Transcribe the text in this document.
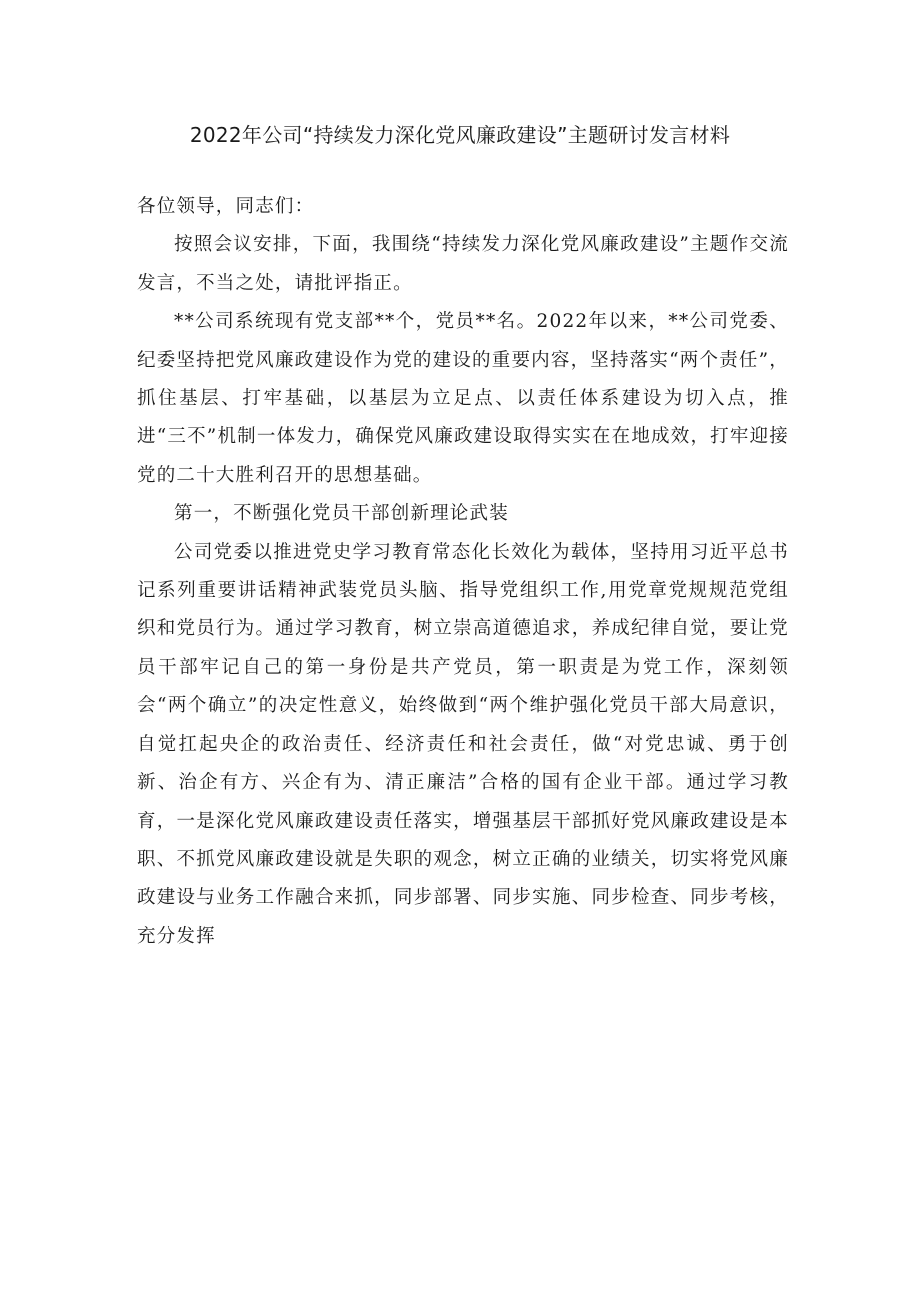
2022年公司“持续发力深化党风廉政建设”主题研讨发言材料

各位领导，同志们：

按照会议安排，下面，我围绕“持续发力深化党风廉政建设”主题作交流发言，不当之处，请批评指正。

**公司系统现有党支部**个，党员**名。2022年以来，**公司党委、纪委坚持把党风廉政建设作为党的建设的重要内容，坚持落实“两个责任”，抓住基层、打牢基础，以基层为立足点、以责任体系建设为切入点，推进“三不”机制一体发力，确保党风廉政建设取得实实在在地成效，打牢迎接党的二十大胜利召开的思想基础。

第一，不断强化党员干部创新理论武装

公司党委以推进党史学习教育常态化长效化为载体，坚持用习近平总书记系列重要讲话精神武装党员头脑、指导党组织工作,用党章党规规范党组织和党员行为。通过学习教育，树立崇高道德追求，养成纪律自觉，要让党员干部牢记自己的第一身份是共产党员，第一职责是为党工作，深刻领会“两个确立”的决定性意义，始终做到“两个维护强化党员干部大局意识，自觉扛起央企的政治责任、经济责任和社会责任，做“对党忠诚、勇于创新、治企有方、兴企有为、清正廉洁”合格的国有企业干部。通过学习教育，一是深化党风廉政建设责任落实，增强基层干部抓好党风廉政建设是本职、不抓党风廉政建设就是失职的观念，树立正确的业绩关，切实将党风廉政建设与业务工作融合来抓，同步部署、同步实施、同步检查、同步考核，充分发挥
